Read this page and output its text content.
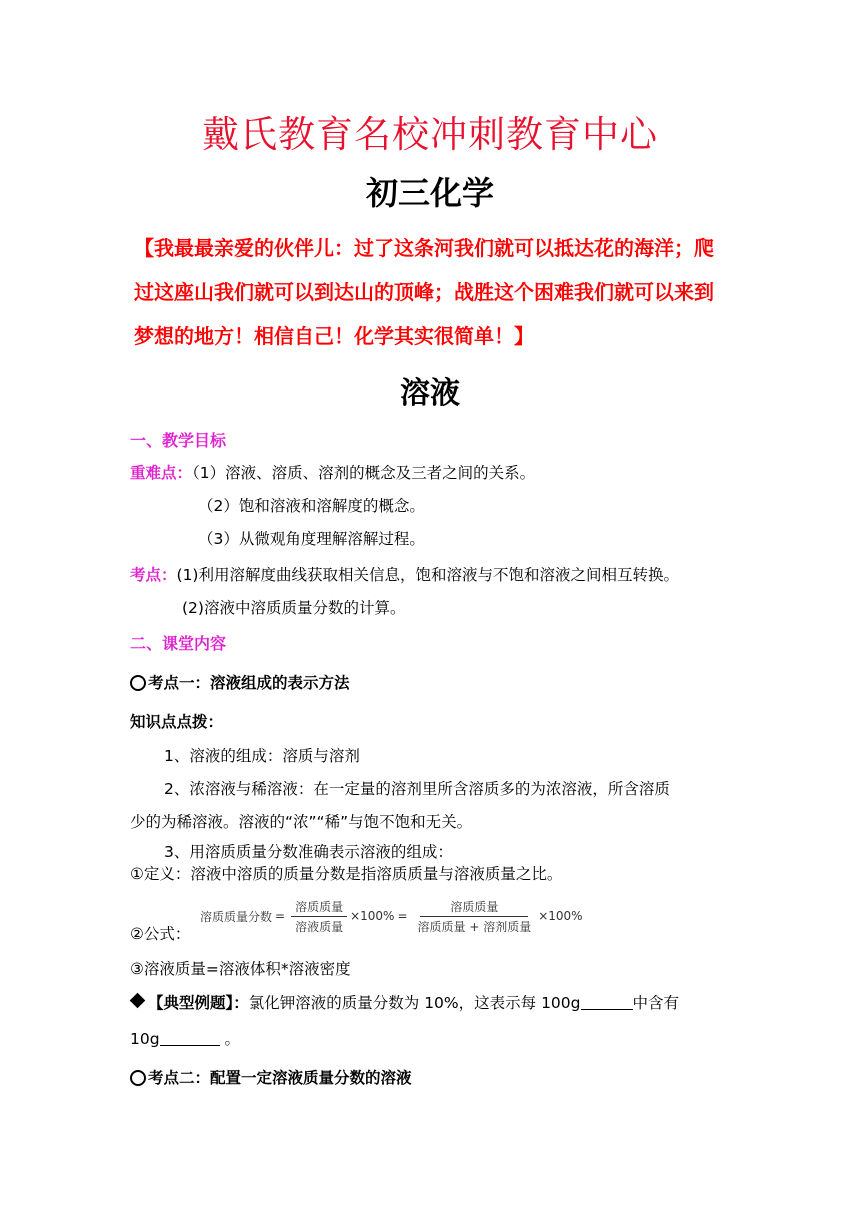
戴氏教育名校冲刺教育中心
初三化学
【我最最亲爱的伙伴儿：过了这条河我们就可以抵达花的海洋；爬
过这座山我们就可以到达山的顶峰；战胜这个困难我们就可以来到
梦想的地方！相信自己！化学其实很简单！】
溶液
一、教学目标
重难点：（1）溶液、溶质、溶剂的概念及三者之间的关系。
（2）饱和溶液和溶解度的概念。
（3）从微观角度理解溶解过程。
考点：(1)利用溶解度曲线获取相关信息，饱和溶液与不饱和溶液之间相互转换。
(2)溶液中溶质质量分数的计算。
二、课堂内容
考点一：溶液组成的表示方法
知识点点拨：
1、溶液的组成：溶质与溶剂
2、浓溶液与稀溶液：在一定量的溶剂里所含溶质多的为浓溶液，所含溶质
少的为稀溶液。溶液的“浓”“稀”与饱不饱和无关。
3、用溶质质量分数准确表示溶液的组成：
①定义：溶液中溶质的质量分数是指溶质质量与溶液质量之比。
溶质质量分数 = $\frac{\text{溶质质量}}{\text{溶液质量}} \times 100\% = \frac{\text{溶质质量}}{\text{溶质质量 + 溶剂质量}} \times 100\%$
②公式：
③溶液质量=溶液体积*溶液密度
【典型例题】：氯化钾溶液的质量分数为 10%，这表示每 100g	中含有
10g	。
考点二：配置一定溶液质量分数的溶液
